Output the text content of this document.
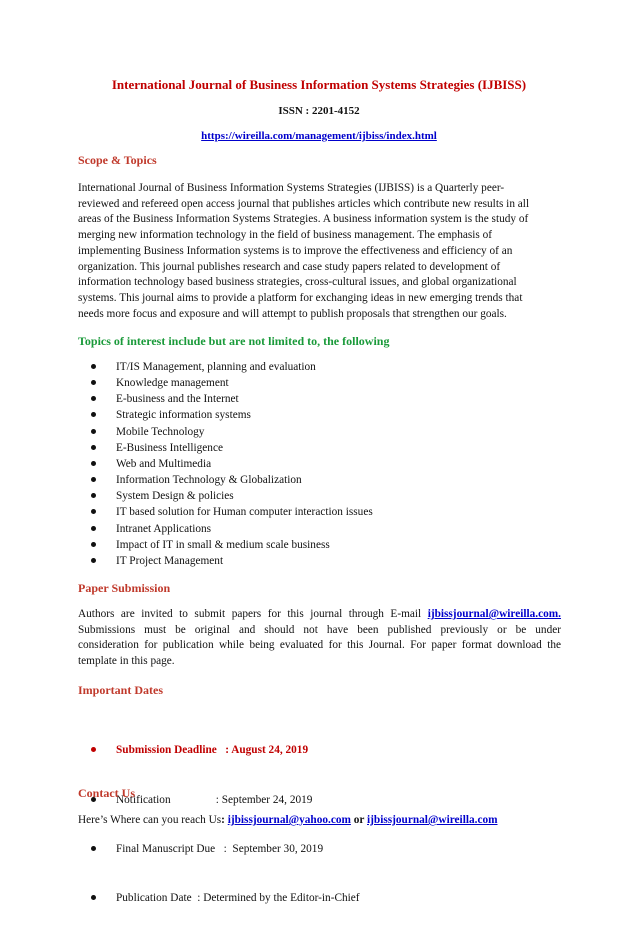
International Journal of Business Information Systems Strategies (IJBISS)
ISSN : 2201-4152
https://wireilla.com/management/ijbiss/index.html
Scope & Topics
International Journal of Business Information Systems Strategies (IJBISS) is a Quarterly peer-
reviewed and refereed open access journal that publishes articles which contribute new results in all
areas of the Business Information Systems Strategies. A business information system is the study of
merging new information technology in the field of business management. The emphasis of
implementing Business Information systems is to improve the effectiveness and efficiency of an
organization. This journal publishes research and case study papers related to development of
information technology based business strategies, cross-cultural issues, and global organizational
systems. This journal aims to provide a platform for exchanging ideas in new emerging trends that
needs more focus and exposure and will attempt to publish proposals that strengthen our goals.
Topics of interest include but are not limited to, the following
IT/IS Management, planning and evaluation
Knowledge management
E-business and the Internet
Strategic information systems
Mobile Technology
E-Business Intelligence
Web and Multimedia
Information Technology & Globalization
System Design & policies
IT based solution for Human computer interaction issues
Intranet Applications
Impact of IT in small & medium scale business
IT Project Management
Paper Submission
Authors are invited to submit papers for this journal through E-mail ijbissjournal@wireilla.com.
Submissions must be original and should not have been published previously or be under
consideration for publication while being evaluated for this Journal. For paper format download the
template in this page.
Important Dates

Submission Deadline   : August 24, 2019

Notification                : September 24, 2019

Final Manuscript Due   :  September 30, 2019

Publication Date  : Determined by the Editor-in-Chief

Contact Us
Here’s Where can you reach Us: ijbissjournal@yahoo.com or ijbissjournal@wireilla.com
